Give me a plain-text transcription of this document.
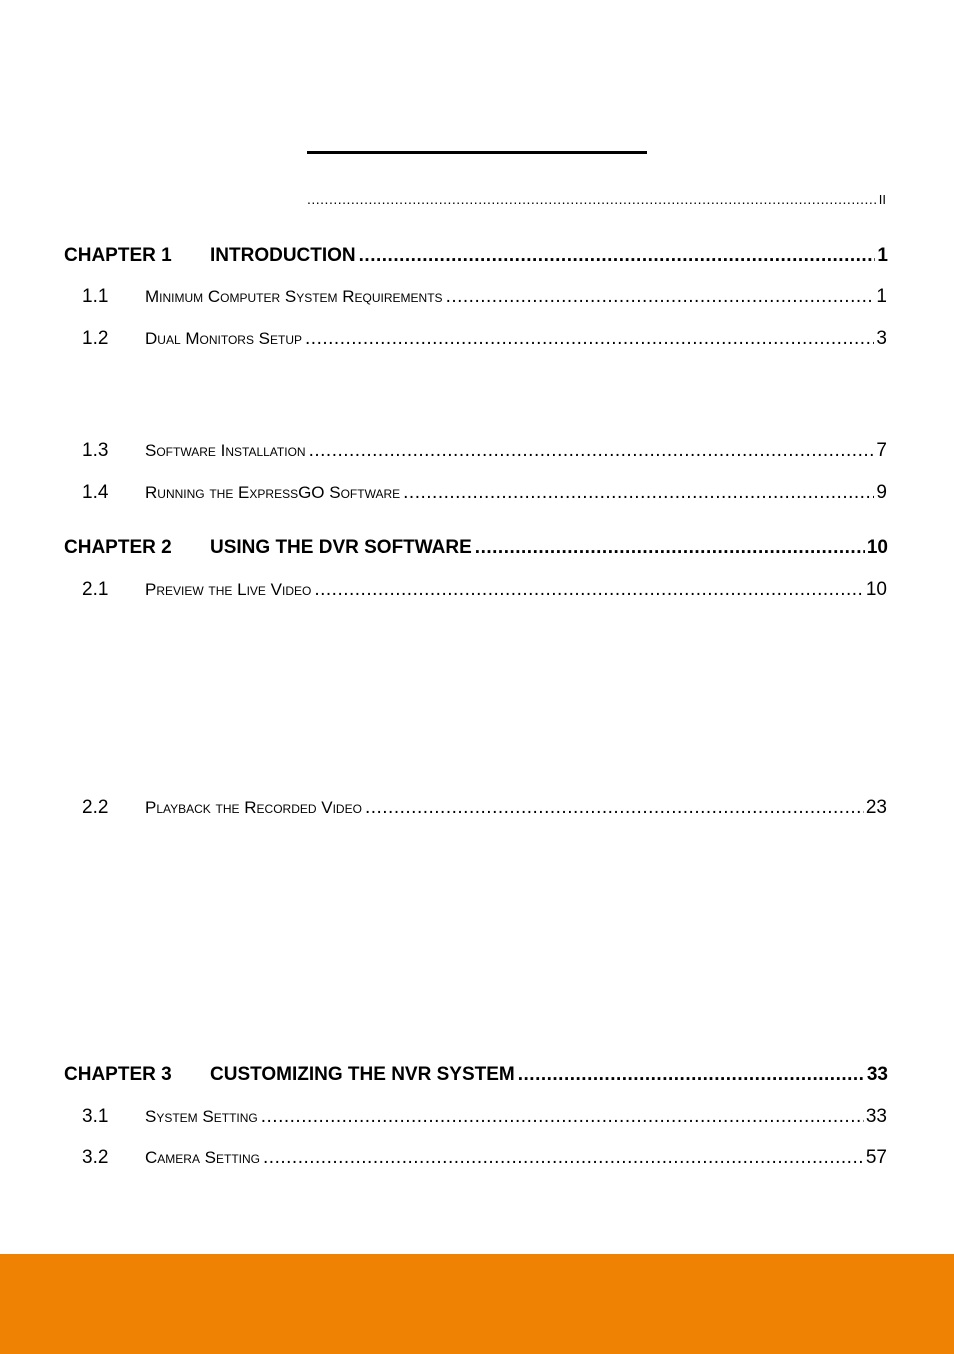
.....
II
CHAPTER 1	INTRODUCTION .....	1
1.1	Minimum Computer System Requirements .....	1
1.2	Dual Monitors Setup .....	3
1.3	Software Installation .....	7
1.4	Running the ExpressGO Software .....	9
CHAPTER 2	USING THE DVR SOFTWARE .....	10
2.1	Preview the Live Video .....	10
2.2	Playback the Recorded Video .....	23
CHAPTER 3	CUSTOMIZING THE NVR SYSTEM .....	33
3.1	System Setting .....	33
3.2	Camera Setting .....	57
